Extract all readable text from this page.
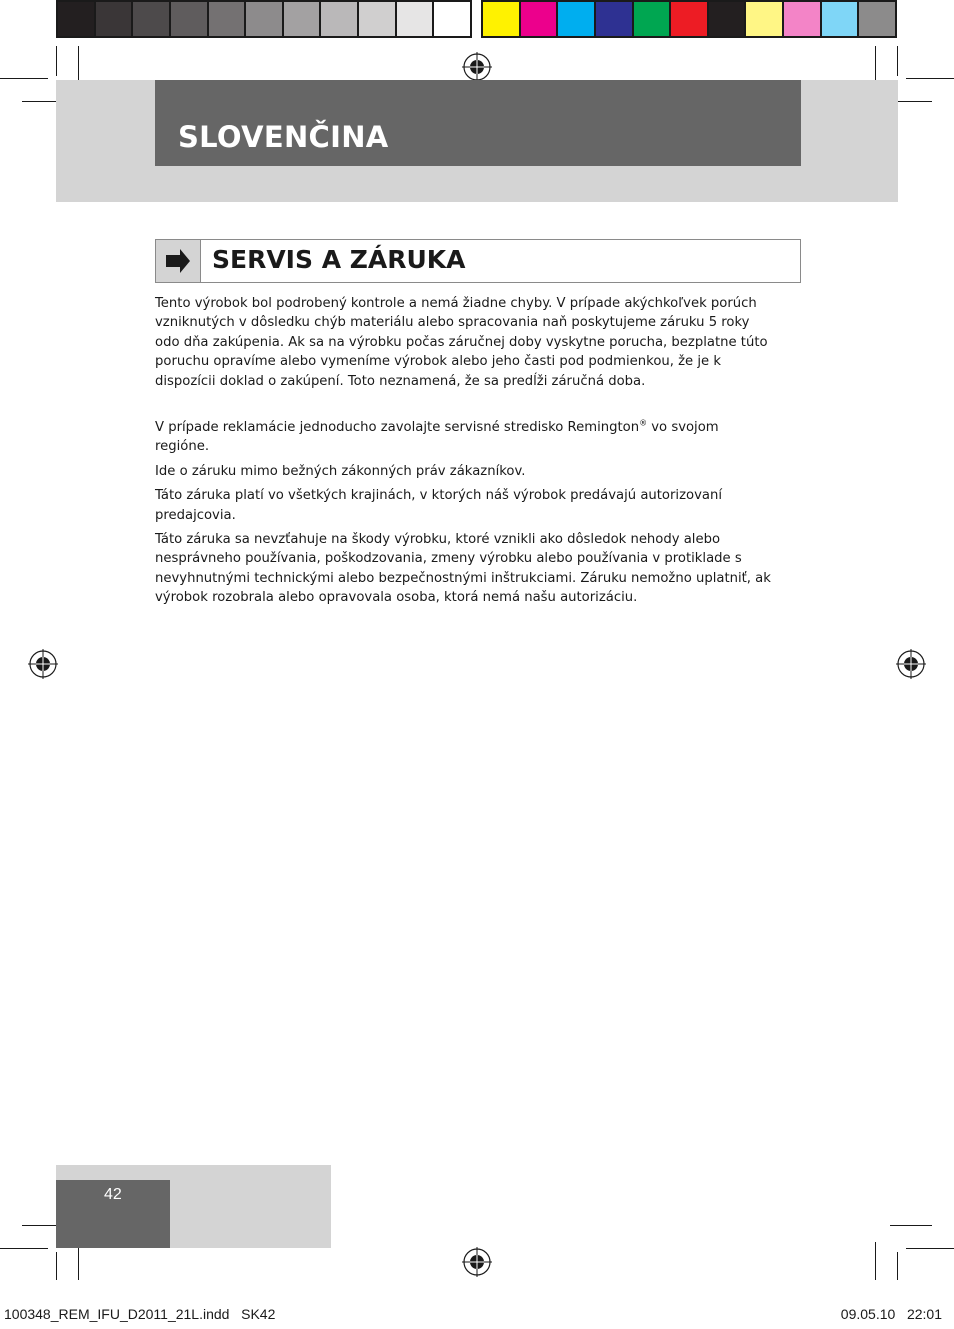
SLOVENČINA
SERVIS A ZÁRUKA

Tento výrobok bol podrobený kontrole a nemá žiadne chyby. V prípade akýchkoľvek porúch vzniknutých v dôsledku chýb materiálu alebo spracovania naň poskytujeme záruku 5 roky odo dňa zakúpenia. Ak sa na výrobku počas záručnej doby vyskytne porucha, bezplatne túto poruchu opravíme alebo vymeníme výrobok alebo jeho časti pod podmienkou, že je k dispozícii doklad o zakúpení. Toto neznamená, že sa predĺži záručná doba.

V prípade reklamácie jednoducho zavolajte servisné stredisko Remington® vo svojom regióne.

Ide o záruku mimo bežných zákonných práv zákazníkov.

Táto záruka platí vo všetkých krajinách, v ktorých náš výrobok predávajú autorizovaní predajcovia.

Táto záruka sa nevzťahuje na škody výrobku, ktoré vznikli ako dôsledok nehody alebo nesprávneho používania, poškodzovania, zmeny výrobku alebo používania v protiklade s nevyhnutnými technickými alebo bezpečnostnými inštrukciami. Záruku nemožno uplatniť, ak výrobok rozobrala alebo opravovala osoba, ktorá nemá našu autorizáciu.

42
100348_REM_IFU_D2011_21L.indd   SK42	09.05.10   22:01
